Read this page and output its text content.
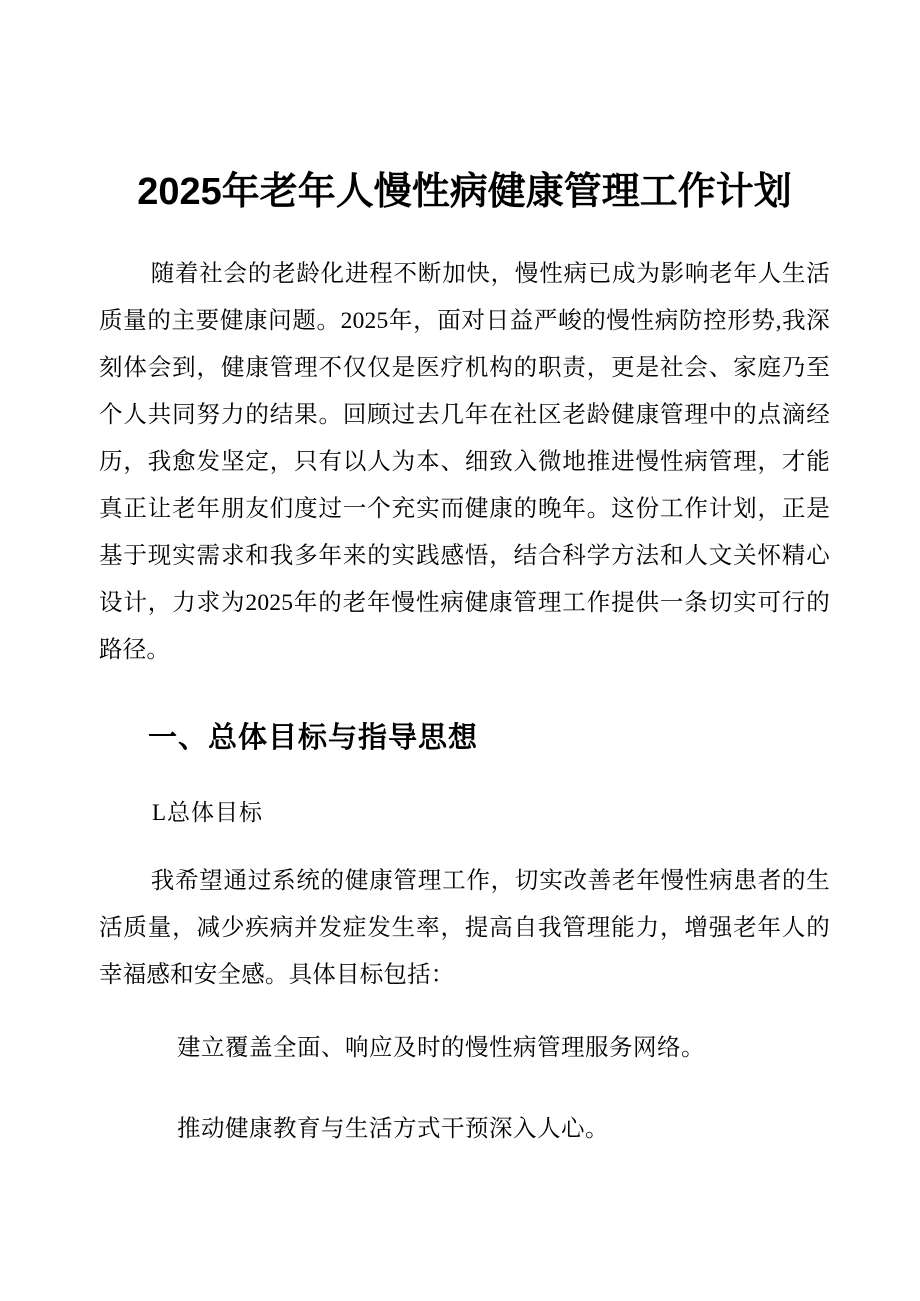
2025年老年人慢性病健康管理工作计划

随着社会的老龄化进程不断加快，慢性病已成为影响老年人生活质量的主要健康问题。2025年，面对日益严峻的慢性病防控形势,我深刻体会到，健康管理不仅仅是医疗机构的职责，更是社会、家庭乃至个人共同努力的结果。回顾过去几年在社区老龄健康管理中的点滴经历，我愈发坚定，只有以人为本、细致入微地推进慢性病管理，才能真正让老年朋友们度过一个充实而健康的晚年。这份工作计划，正是基于现实需求和我多年来的实践感悟，结合科学方法和人文关怀精心设计，力求为2025年的老年慢性病健康管理工作提供一条切实可行的路径。

一、总体目标与指导思想
L总体目标

我希望通过系统的健康管理工作，切实改善老年慢性病患者的生活质量，减少疾病并发症发生率，提高自我管理能力，增强老年人的幸福感和安全感。具体目标包括：

建立覆盖全面、响应及时的慢性病管理服务网络。

推动健康教育与生活方式干预深入人心。
